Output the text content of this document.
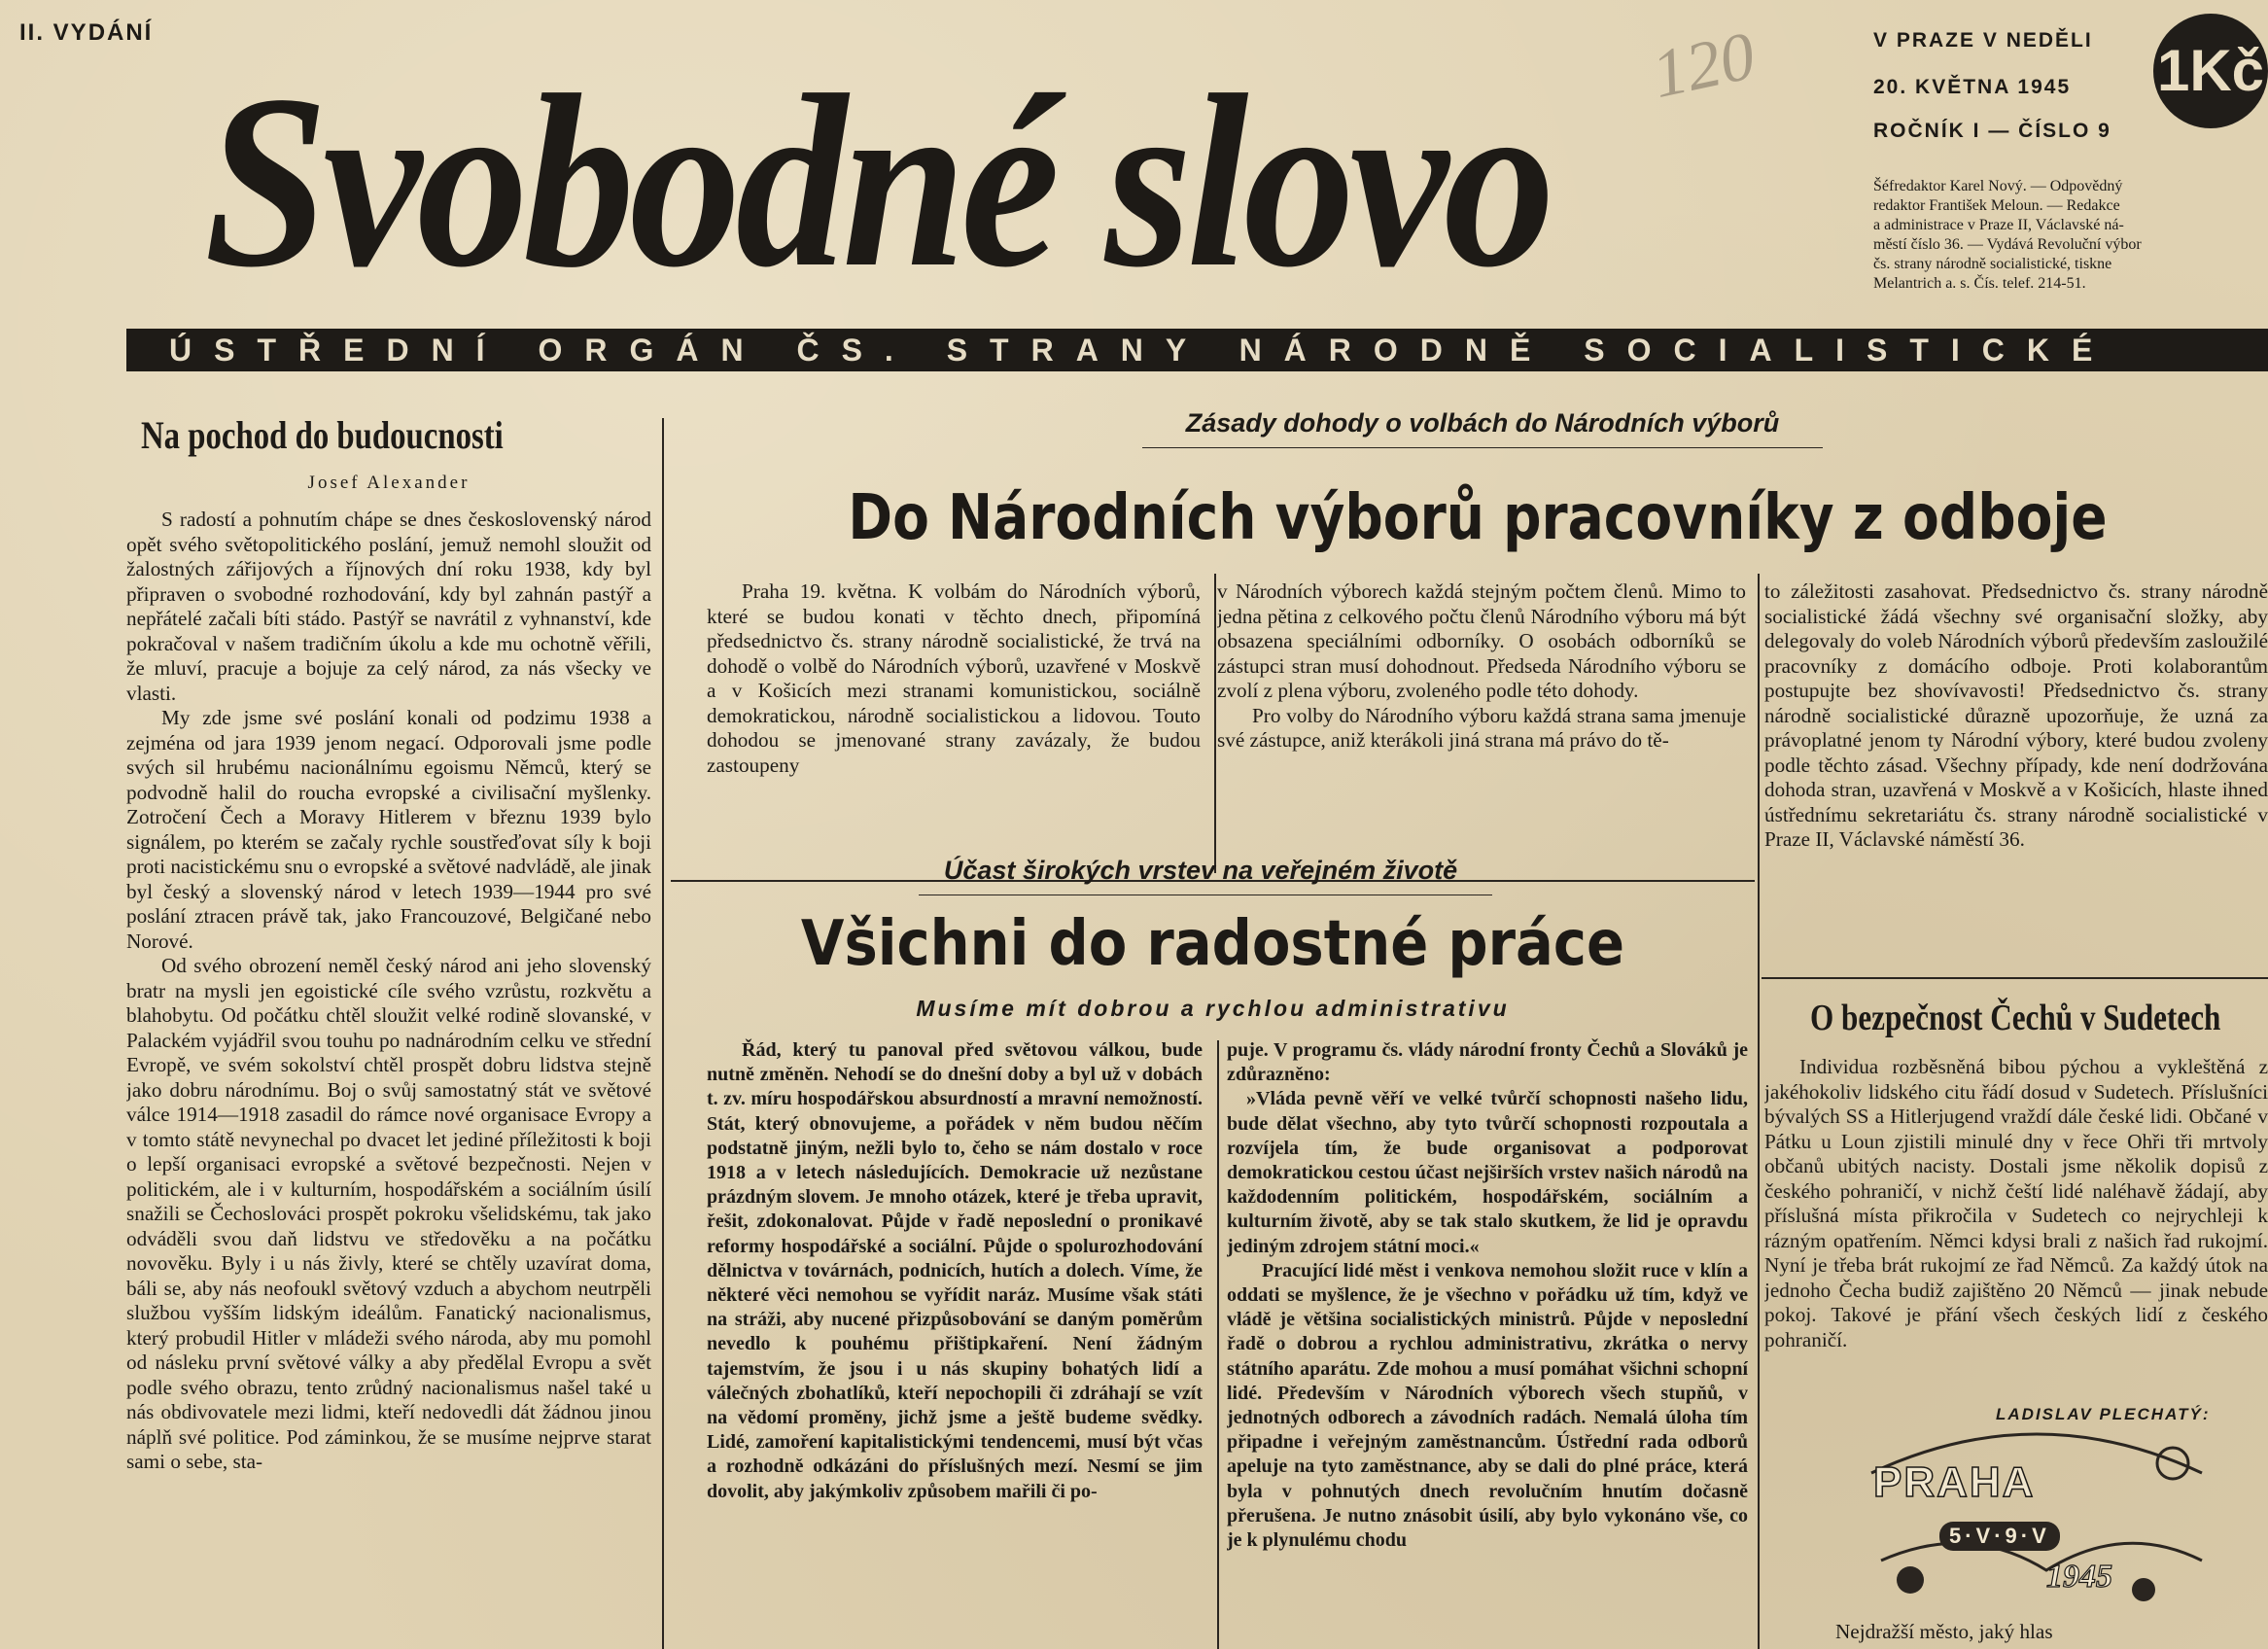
II. VYDÁNÍ	120
Svobodné slovo
V PRAZE V NEDĚLI
20. KVĚTNA 1945
ROČNÍK I — ČÍSLO 9
1Kč
Šéfredaktor Karel Nový. — Odpovědný
redaktor František Meloun. — Redakce
a administrace v Praze II, Václavské ná-
městí číslo 36. — Vydává Revoluční výbor
čs. strany národně socialistické, tiskne
Melantrich a. s. Čís. telef. 214-51.
ÚSTŘEDNÍ ORGÁN ČS. STRANY NÁRODNĚ SOCIALISTICKÉ
Na pochod do budoucnosti
Josef Alexander

S radostí a pohnutím chápe se dnes československý národ opět svého světopolitického poslání, jemuž nemohl sloužit od žalostných zářijových a říjnových dní roku 1938, kdy byl připraven o svobodné rozhodování, kdy byl zahnán pastýř a nepřátelé začali bíti stádo. Pastýř se navrátil z vyhnanství, kde pokračoval v našem tradičním úkolu a kde mu ochotně věřili, že mluví, pracuje a bojuje za celý národ, za nás všecky ve vlasti.

My zde jsme své poslání konali od podzimu 1938 a zejména od jara 1939 jenom negací. Odporovali jsme podle svých sil hrubému nacionálnímu egoismu Němců, který se podvodně halil do roucha evropské a civilisační myšlenky. Zotročení Čech a Moravy Hitlerem v březnu 1939 bylo signálem, po kterém se začaly rychle soustřeďovat síly k boji proti nacistickému snu o evropské a světové nadvládě, ale jinak byl český a slovenský národ v letech 1939—1944 pro své poslání ztracen právě tak, jako Francouzové, Belgičané nebo Norové.

Od svého obrození neměl český národ ani jeho slovenský bratr na mysli jen egoistické cíle svého vzrůstu, rozkvětu a blahobytu. Od počátku chtěl sloužit velké rodině slovanské, v Palackém vyjádřil svou touhu po nadnárodním celku ve střední Evropě, ve svém sokolství chtěl prospět dobru lidstva stejně jako dobru národnímu. Boj o svůj samostatný stát ve světové válce 1914—1918 zasadil do rámce nové organisace Evropy a v tomto státě nevynechal po dvacet let jediné příležitosti k boji o lepší organisaci evropské a světové bezpečnosti. Nejen v politickém, ale i v kulturním, hospodářském a sociálním úsilí snažili se Čechoslováci prospět pokroku všelidskému, tak jako odváděli svou daň lidstvu ve středověku a na počátku novověku. Byly i u nás živly, které se chtěly uzavírat doma, báli se, aby nás neofoukl světový vzduch a abychom neutrpěli službou vyšším lidským ideálům. Fanatický nacionalismus, který probudil Hitler v mládeži svého národa, aby mu pomohl od násleku první světové války a aby předělal Evropu a svět podle svého obrazu, tento zrůdný nacionalismus našel také u nás obdivovatele mezi lidmi, kteří nedovedli dát žádnou jinou náplň své politice. Pod záminkou, že se musíme nejprve starat sami o sebe, sta-

Zásady dohody o volbách do Národních výborů
Do Národních výborů pracovníky z odboje

Praha 19. května. K volbám do Národních výborů, které se budou konati v těchto dnech, připomíná předsednictvo čs. strany národně socialistické, že trvá na dohodě o volbě do Národních výborů, uzavřené v Moskvě a v Košicích mezi stranami komunistickou, sociálně demokratickou, národně socialistickou a lidovou. Touto dohodou se jmenované strany zavázaly, že budou zastoupeny

v Národních výborech každá stejným počtem členů. Mimo to jedna pětina z celkového počtu členů Národního výboru má být obsazena speciálními odborníky. O osobách odborníků se zástupci stran musí dohodnout. Předseda Národního výboru se zvolí z plena výboru, zvoleného podle této dohody.

Pro volby do Národního výboru každá strana sama jmenuje své zástupce, aniž kterákoli jiná strana má právo do tě-

to záležitosti zasahovat. Předsednictvo čs. strany národně socialistické žádá všechny své organisační složky, aby delegovaly do voleb Národních výborů především zasloužilé pracovníky z domácího odboje. Proti kolaborantům postupujte bez shovívavosti! Předsednictvo čs. strany národně socialistické důrazně upozorňuje, že uzná za právoplatné jenom ty Národní výbory, které budou zvoleny podle těchto zásad. Všechny případy, kde není dodržována dohoda stran, uzavřená v Moskvě a v Košicích, hlaste ihned ústřednímu sekretariátu čs. strany národně socialistické v Praze II, Václavské náměstí 36.

Účast širokých vrstev na veřejném životě
Všichni do radostné práce
Musíme mít dobrou a rychlou administrativu

Řád, který tu panoval před světovou válkou, bude nutně změněn. Nehodí se do dnešní doby a byl už v dobách t. zv. míru hospodářskou absurdností a mravní nemožností. Stát, který obnovujeme, a pořádek v něm budou něčím podstatně jiným, nežli bylo to, čeho se nám dostalo v roce 1918 a v letech následujících. Demokracie už nezůstane prázdným slovem. Je mnoho otázek, které je třeba upravit, řešit, zdokonalovat. Půjde v řadě neposlední o pronikavé reformy hospodářské a sociální. Půjde o spolurozhodování dělnictva v továrnách, podnicích, hutích a dolech. Víme, že některé věci nemohou se vyřídit naráz. Musíme však státi na stráži, aby nucené přizpůsobování se daným poměrům nevedlo k pouhému přištipkaření. Není žádným tajemstvím, že jsou i u nás skupiny bohatých lidí a válečných zbohatlíků, kteří nepochopili či zdráhají se vzít na vědomí proměny, jichž jsme a ještě budeme svědky. Lidé, zamoření kapitalistickými tendencemi, musí být včas a rozhodně odkázáni do příslušných mezí. Nesmí se jim dovolit, aby jakýmkoliv způsobem mařili či po-

puje. V programu čs. vlády národní fronty Čechů a Slováků je zdůrazněno:

»Vláda pevně věří ve velké tvůrčí schopnosti našeho lidu, bude dělat všechno, aby tyto tvůrčí schopnosti rozpoutala a rozvíjela tím, že bude organisovat a podporovat demokratickou cestou účast nejširších vrstev našich národů na každodenním politickém, hospodářském, sociálním a kulturním životě, aby se tak stalo skutkem, že lid je opravdu jediným zdrojem státní moci.«

Pracující lidé měst i venkova nemohou složit ruce v klín a oddati se myšlence, že je všechno v pořádku už tím, když ve vládě je většina socialistických ministrů. Půjde v neposlední řadě o dobrou a rychlou administrativu, zkrátka o nervy státního aparátu. Zde mohou a musí pomáhat všichni schopní lidé. Především v Národních výborech všech stupňů, v jednotných odborech a závodních radách. Nemalá úloha tím připadne i veřejným zaměstnancům. Ústřední rada odborů apeluje na tyto zaměstnance, aby se dali do plné práce, která byla v pohnutých dnech revolučním hnutím dočasně přerušena. Je nutno znásobit úsilí, aby bylo vykonáno vše, co je k plynulému chodu

O bezpečnost Čechů v Sudetech

Individua rozběsněná bibou pýchou a vykleštěná z jakéhokoliv lidského citu řádí dosud v Sudetech. Příslušníci bývalých SS a Hitlerjugend vraždí dále české lidi. Občané v Pátku u Loun zjistili minulé dny v řece Ohři tři mrtvoly občanů ubitých nacisty. Dostali jsme několik dopisů z českého pohraničí, v nichž čeští lidé naléhavě žádají, aby příslušná místa přikročila v Sudetech co nejrychleji k rázným opatřením. Němci kdysi brali z našich řad rukojmí. Nyní je třeba brát rukojmí ze řad Němců. Za každý útok na jednoho Čecha budiž zajištěno 20 Němců — jinak nebude pokoj. Takové je přání všech českých lidí z českého pohraničí.

LADISLAV PLECHATÝ:
PRAHA
5·V·9·V
1945
Nejdražší město, jaký hlas
